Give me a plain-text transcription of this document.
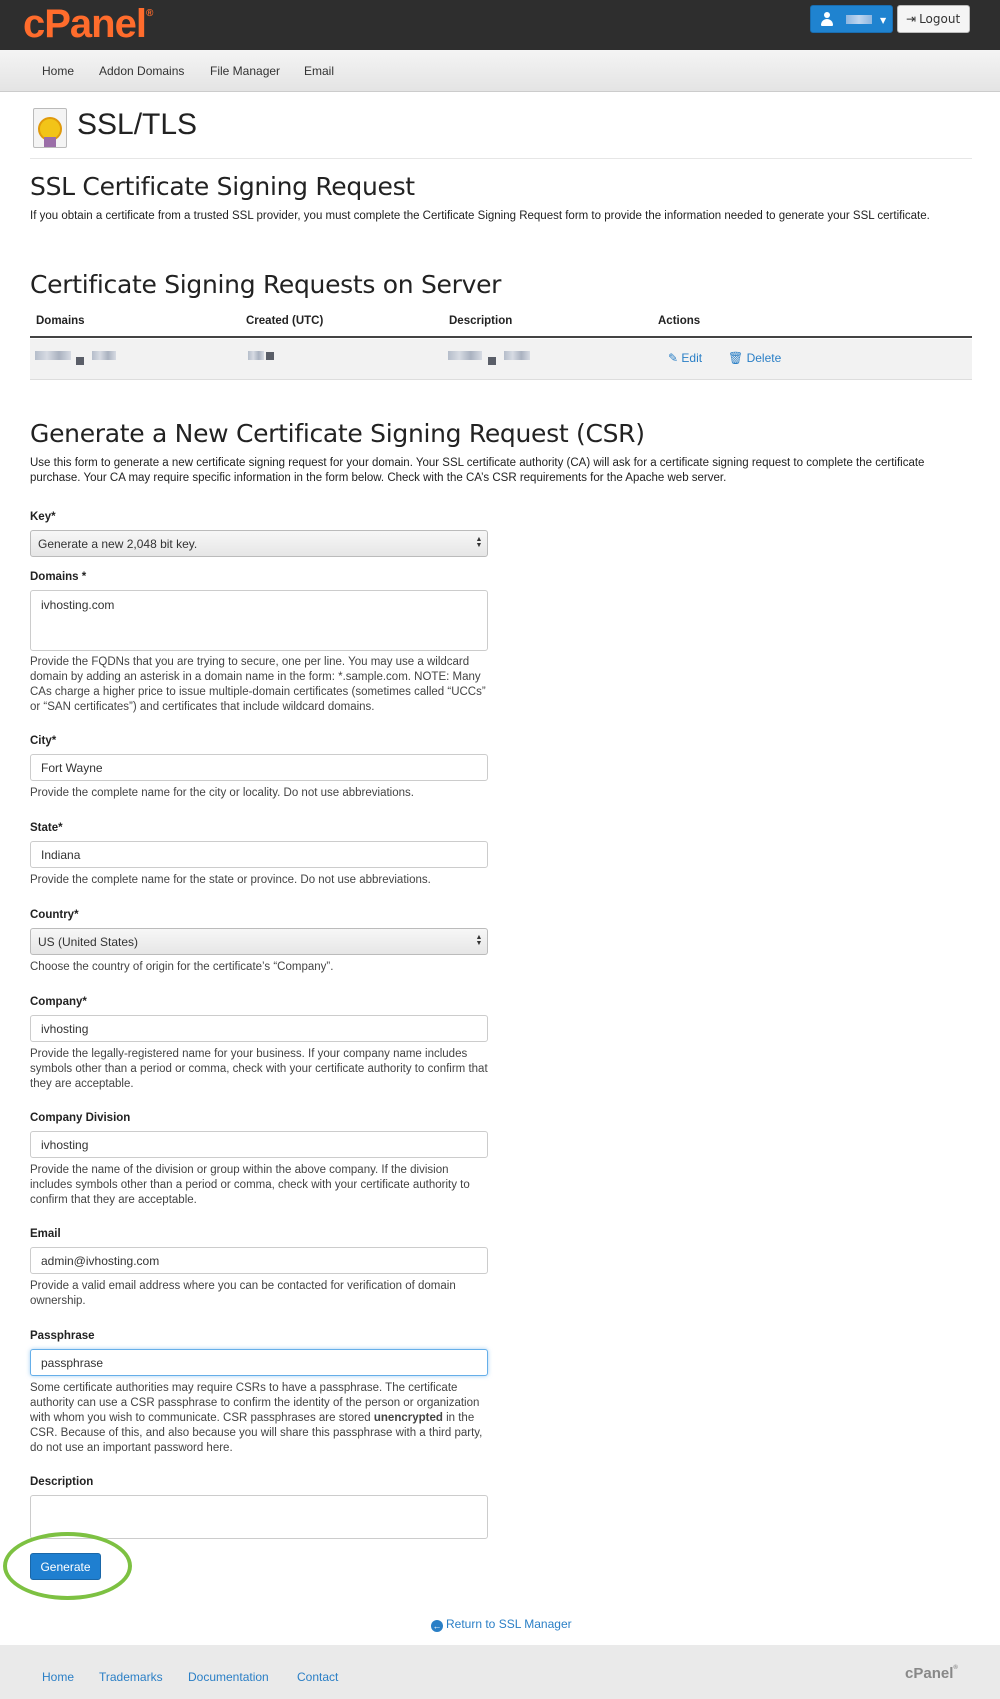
cPanel®
▼	⇥ Logout
Home Addon Domains File Manager Email
SSL/TLS
SSL Certificate Signing Request
If you obtain a certificate from a trusted SSL provider, you must complete the Certificate Signing Request form to provide the information needed to generate your SSL certificate.
Certificate Signing Requests on Server
Domains	Created (UTC)	Description	Actions
✎ Edit 🗑 Delete
Generate a New Certificate Signing Request (CSR)
Use this form to generate a new certificate signing request for your domain. Your SSL certificate authority (CA) will ask for a certificate signing request to complete the certificate purchase. Your CA may require specific information in the form below. Check with the CA’s CSR requirements for the Apache web server.
Key*
Generate a new 2,048 bit key.	▲
▼
Domains *
ivhosting.com
Provide the FQDNs that you are trying to secure, one per line. You may use a wildcard domain by adding an asterisk in a domain name in the form: *.sample.com. NOTE: Many CAs charge a higher price to issue multiple-domain certificates (sometimes called “UCCs” or “SAN certificates”) and certificates that include wildcard domains.
City*
Fort Wayne
Provide the complete name for the city or locality. Do not use abbreviations.
State*
Indiana
Provide the complete name for the state or province. Do not use abbreviations.
Country*
US (United States)	▲
▼
Choose the country of origin for the certificate’s “Company”.
Company*
ivhosting
Provide the legally-registered name for your business. If your company name includes symbols other than a period or comma, check with your certificate authority to confirm that they are acceptable.
Company Division
ivhosting
Provide the name of the division or group within the above company. If the division includes symbols other than a period or comma, check with your certificate authority to confirm that they are acceptable.
Email
admin@ivhosting.com
Provide a valid email address where you can be contacted for verification of domain ownership.
Passphrase
passphrase
Some certificate authorities may require CSRs to have a passphrase. The certificate authority can use a CSR passphrase to confirm the identity of the person or organization with whom you wish to communicate. CSR passphrases are stored unencrypted in the CSR. Because of this, and also because you will share this passphrase with a third party, do not use an important password here.
Description
Generate
← Return to SSL Manager
Home Trademarks Documentation Contact	cPanel®
